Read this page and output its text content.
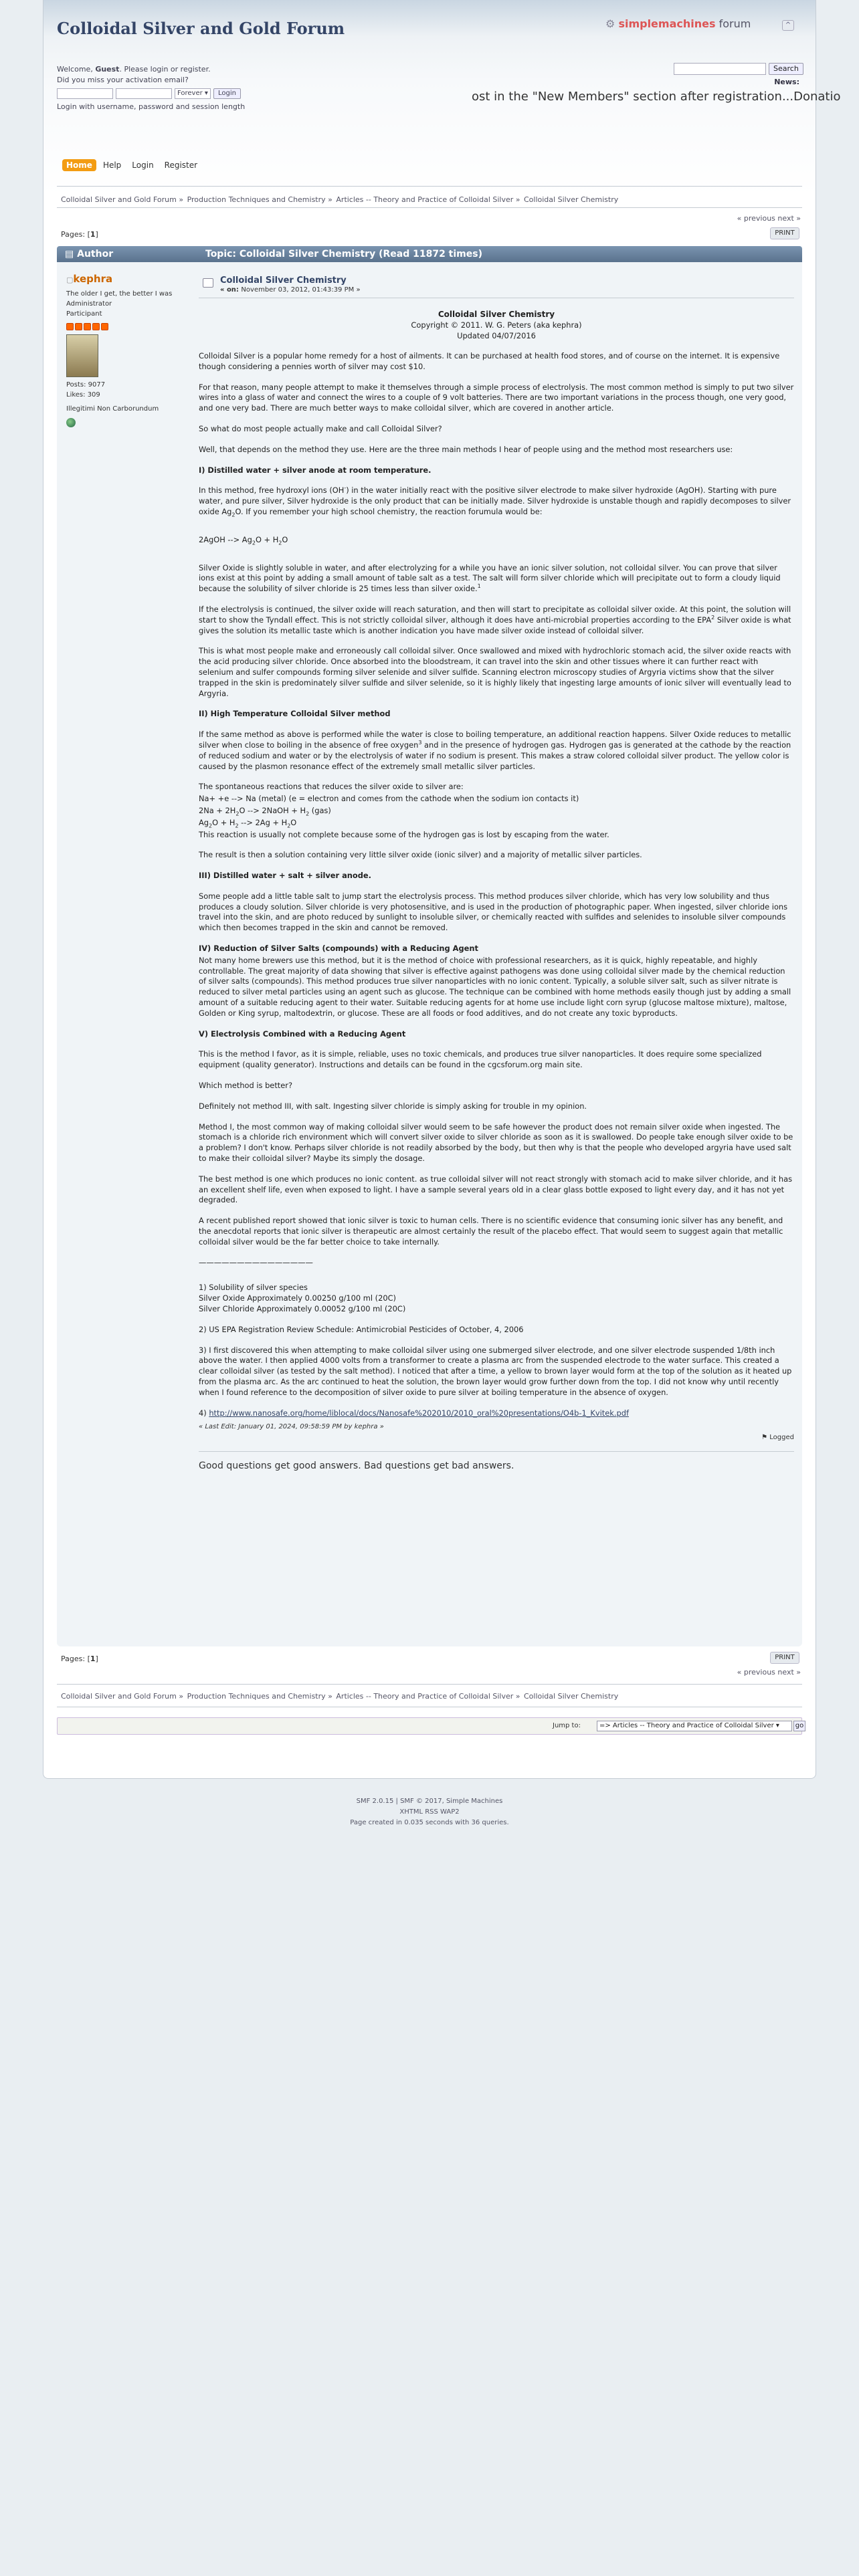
Colloidal Silver and Gold Forum	⚙ simplemachines forum	^
Welcome, Guest. Please login or register.
Did you miss your activation email?
Forever ▾	Login
Login with username, password and session length
Search
News:
ost in the "New Members" section after registration...Donatio
Home	Help	Login	Register
Colloidal Silver and Gold Forum » Production Techniques and Chemistry » Articles -- Theory and Practice of Colloidal Silver » Colloidal Silver Chemistry
« previous next »
Pages: [1]	PRINT
▤ Author	Topic: Colloidal Silver Chemistry (Read 11872 times)
▢kephra
The older I get, the better I was
Administrator
Participant
Posts: 9077
Likes: 309
Illegitimi Non Carborundum
Colloidal Silver Chemistry
« on: November 03, 2012, 01:43:39 PM »
Colloidal Silver Chemistry
Copyright © 2011. W. G. Peters (aka kephra)
Updated 04/07/2016

Colloidal Silver is a popular home remedy for a host of ailments. It can be purchased at health food stores, and of course on the internet. It is expensive though considering a pennies worth of silver may cost $10.

For that reason, many people attempt to make it themselves through a simple process of electrolysis. The most common method is simply to put two silver wires into a glass of water and connect the wires to a couple of 9 volt batteries. There are two important variations in the process though, one very good, and one very bad. There are much better ways to make colloidal silver, which are covered in another article.

So what do most people actually make and call Colloidal Silver?

Well, that depends on the method they use. Here are the three main methods I hear of people using and the method most researchers use:

I) Distilled water + silver anode at room temperature.

In this method, free hydroxyl ions (OH-) in the water initially react with the positive silver electrode to make silver hydroxide (AgOH). Starting with pure water, and pure silver, Silver hydroxide is the only product that can be initially made. Silver hydroxide is unstable though and rapidly decomposes to silver oxide $Ag_2O$. If you remember your high school chemistry, the reaction forumula would be:

2AgOH --> $Ag_2O + H_2O$

Silver Oxide is slightly soluble in water, and after electrolyzing for a while you have an ionic silver solution, not colloidal silver. You can prove that silver ions exist at this point by adding a small amount of table salt as a test. The salt will form silver chloride which will precipitate out to form a cloudy liquid because the solubility of silver chloride is 25 times less than silver oxide.$^1$

If the electrolysis is continued, the silver oxide will reach saturation, and then will start to precipitate as colloidal silver oxide. At this point, the solution will start to show the Tyndall effect. This is not strictly colloidal silver, although it does have anti-microbial properties according to the EPA$^2$ Silver oxide is what gives the solution its metallic taste which is another indication you have made silver oxide instead of colloidal silver.

This is what most people make and erroneously call colloidal silver. Once swallowed and mixed with hydrochloric stomach acid, the silver oxide reacts with the acid producing silver chloride. Once absorbed into the bloodstream, it can travel into the skin and other tissues where it can further react with selenium and sulfer compounds forming silver selenide and silver sulfide. Scanning electron microscopy studies of Argyria victims show that the silver trapped in the skin is predominately silver sulfide and silver selenide, so it is highly likely that ingesting large amounts of ionic silver will eventually lead to Argyria.

II) High Temperature Colloidal Silver method

If the same method as above is performed while the water is close to boiling temperature, an additional reaction happens. Silver Oxide reduces to metallic silver when close to boiling in the absence of free oxygen$^3$ and in the presence of hydrogen gas. Hydrogen gas is generated at the cathode by the reaction of reduced sodium and water or by the electrolysis of water if no sodium is present. This makes a straw colored colloidal silver product. The yellow color is caused by the plasmon resonance effect of the extremely small metallic silver particles.

The spontaneous reactions that reduces the silver oxide to silver are:
Na+ +e --> Na (metal) (e = electron and comes from the cathode when the sodium ion contacts it)
$2Na + 2H_2O$ --> 2NaOH + $H_2$ (gas)
$Ag_2O + H_2$ --> $2Ag + H_2O$

This reaction is usually not complete because some of the hydrogen gas is lost by escaping from the water.

The result is then a solution containing very little silver oxide (ionic silver) and a majority of metallic silver particles.

III) Distilled water + salt + silver anode.

Some people add a little table salt to jump start the electrolysis process. This method produces silver chloride, which has very low solubility and thus produces a cloudy solution. Silver chloride is very photosensitive, and is used in the production of photographic paper. When ingested, silver chloride ions travel into the skin, and are photo reduced by sunlight to insoluble silver, or chemically reacted with sulfides and selenides to insoluble silver compounds which then becomes trapped in the skin and cannot be removed.

IV) Reduction of Silver Salts (compounds) with a Reducing Agent

Not many home brewers use this method, but it is the method of choice with professional researchers, as it is quick, highly repeatable, and highly controllable. The great majority of data showing that silver is effective against pathogens was done using colloidal silver made by the chemical reduction of silver salts (compounds). This method produces true silver nanoparticles with no ionic content. Typically, a soluble silver salt, such as silver nitrate is reduced to silver metal particles using an agent such as glucose. The technique can be combined with home methods easily though just by adding a small amount of a suitable reducing agent to their water. Suitable reducing agents for at home use include light corn syrup (glucose maltose mixture), maltose, Golden or King syrup, maltodextrin, or glucose. These are all foods or food additives, and do not create any toxic byproducts.

V) Electrolysis Combined with a Reducing Agent

This is the method I favor, as it is simple, reliable, uses no toxic chemicals, and produces true silver nanoparticles. It does require some specialized equipment (quality generator). Instructions and details can be found in the cgcsforum.org main site.

Which method is better?

Definitely not method III, with salt. Ingesting silver chloride is simply asking for trouble in my opinion.

Method I, the most common way of making colloidal silver would seem to be safe however the product does not remain silver oxide when ingested. The stomach is a chloride rich environment which will convert silver oxide to silver chloride as soon as it is swallowed. Do people take enough silver oxide to be a problem? I don't know. Perhaps silver chloride is not readily absorbed by the body, but then why is that the people who developed argyria have used salt to make their colloidal silver? Maybe its simply the dosage.

The best method is one which produces no ionic content. as true colloidal silver will not react strongly with stomach acid to make silver chloride, and it has an excellent shelf life, even when exposed to light. I have a sample several years old in a clear glass bottle exposed to light every day, and it has not yet degraded.

A recent published report showed that ionic silver is toxic to human cells. There is no scientific evidence that consuming ionic silver has any benefit, and the anecdotal reports that ionic silver is therapeutic are almost certainly the result of the placebo effect. That would seem to suggest again that metallic colloidal silver would be the far better choice to take internally.

———————————————

1) Solubility of silver species
Silver Oxide Approximately 0.00250 g/100 ml (20C)

Silver Chloride Approximately 0.00052 g/100 ml (20C)

2) US EPA Registration Review Schedule: Antimicrobial Pesticides of October, 4, 2006

3) I first discovered this when attempting to make colloidal silver using one submerged silver electrode, and one silver electrode suspended 1/8th inch above the water. I then applied 4000 volts from a transformer to create a plasma arc from the suspended electrode to the water surface. This created a clear colloidal silver (as tested by the salt method). I noticed that after a time, a yellow to brown layer would form at the top of the solution as it heated up from the plasma arc. As the arc continued to heat the solution, the brown layer would grow further down from the top. I did not know why until recently when I found reference to the decomposition of silver oxide to pure silver at boiling temperature in the absence of oxygen.

4) http://www.nanosafe.org/home/liblocal/docs/Nanosafe%202010/2010_oral%20presentations/O4b-1_Kvitek.pdf

« Last Edit: January 01, 2024, 09:58:59 PM by kephra »
⚑ Logged
Good questions get good answers. Bad questions get bad answers.
Pages: [1]	PRINT
« previous next »
Colloidal Silver and Gold Forum » Production Techniques and Chemistry » Articles -- Theory and Practice of Colloidal Silver » Colloidal Silver Chemistry
Jump to:	=> Articles -- Theory and Practice of Colloidal Silver ▾	go
SMF 2.0.15 | SMF © 2017, Simple Machines
XHTML RSS WAP2
Page created in 0.035 seconds with 36 queries.
